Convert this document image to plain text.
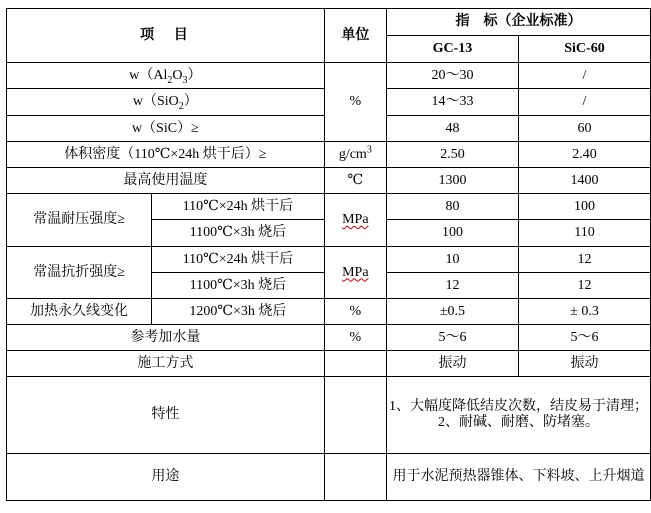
项　目		单位	指　标（企业标准）	
			GC-13	SiC-60
$w(Al_2O_3)$		%	20～30	/
w（SiO$_2$）			14～33	/
w（SiC）≥			48	60
体积密度（110℃×24h 烘干后）≥		$g/cm^3$	2.50	2.40
最高使用温度		℃	1300	1400
常温耐压强度≥	110℃×24h 烘干后	MPa	80	100
	1100℃×3h 烧后		100	110
常温抗折强度≥	110℃×24h 烘干后	MPa	10	12
	1100℃×3h 烧后		12	12
加热永久线变化	1200℃×3h 烧后	%	±0.5	± 0.3
参考加水量		%	5～6	5～6
施工方式			振动	振动
特性			1、大幅度降低结皮次数，结皮易于清理；
2、耐碱、耐磨、防堵塞。	

用途			用于水泥预热器锥体、下料坡、上升烟道	
